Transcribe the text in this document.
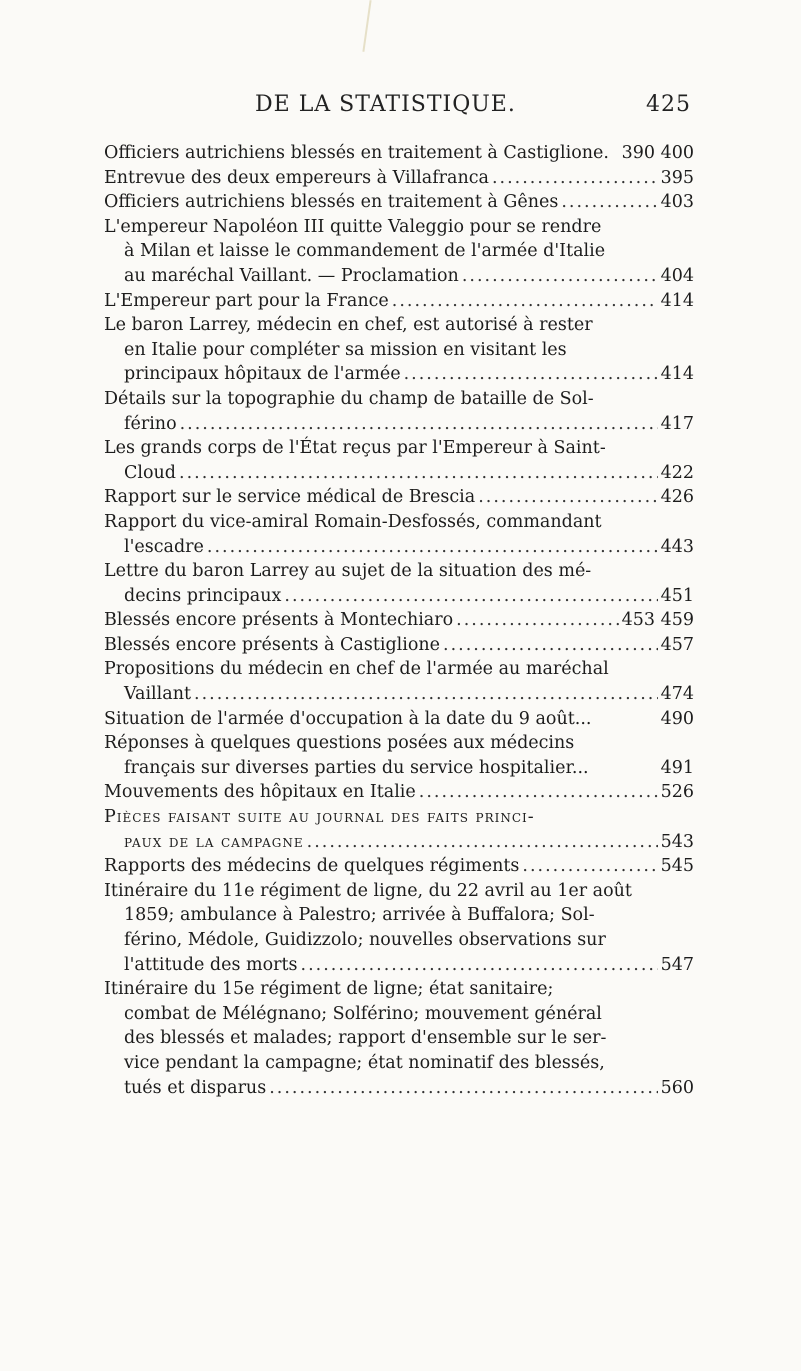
DE LA STATISTIQUE.	425
Officiers autrichiens blessés en traitement à Castiglione. 390 400
Entrevue des deux empereurs à Villafranca .....	395
Officiers autrichiens blessés en traitement à Gênes .....	403
L'empereur Napoléon III quitte Valeggio pour se rendre
à Milan et laisse le commandement de l'armée d'Italie
au maréchal Vaillant. — Proclamation .....	404
L'Empereur part pour la France .....	414
Le baron Larrey, médecin en chef, est autorisé à rester
en Italie pour compléter sa mission en visitant les
principaux hôpitaux de l'armée .....	414
Détails sur la topographie du champ de bataille de Sol-
férino .....	417
Les grands corps de l'État reçus par l'Empereur à Saint-
Cloud .....	422
Rapport sur le service médical de Brescia .....	426
Rapport du vice-amiral Romain-Desfossés, commandant
l'escadre .....	443
Lettre du baron Larrey au sujet de la situation des mé-
decins principaux .....	451
Blessés encore présents à Montechiaro .....	453 459
Blessés encore présents à Castiglione .....	457
Propositions du médecin en chef de l'armée au maréchal
Vaillant .....	474
Situation de l'armée d'occupation à la date du 9 août...	490
Réponses à quelques questions posées aux médecins
français sur diverses parties du service hospitalier...	491
Mouvements des hôpitaux en Italie .....	526
Pièces faisant suite au journal des faits princi-
paux de la campagne .....	543
Rapports des médecins de quelques régiments .....	545
Itinéraire du 11e régiment de ligne, du 22 avril au 1er août
1859; ambulance à Palestro; arrivée à Buffalora; Sol-
férino, Médole, Guidizzolo; nouvelles observations sur
l'attitude des morts .....	547
Itinéraire du 15e régiment de ligne; état sanitaire;
combat de Mélégnano; Solférino; mouvement général
des blessés et malades; rapport d'ensemble sur le ser-
vice pendant la campagne; état nominatif des blessés,
tués et disparus .....	560
